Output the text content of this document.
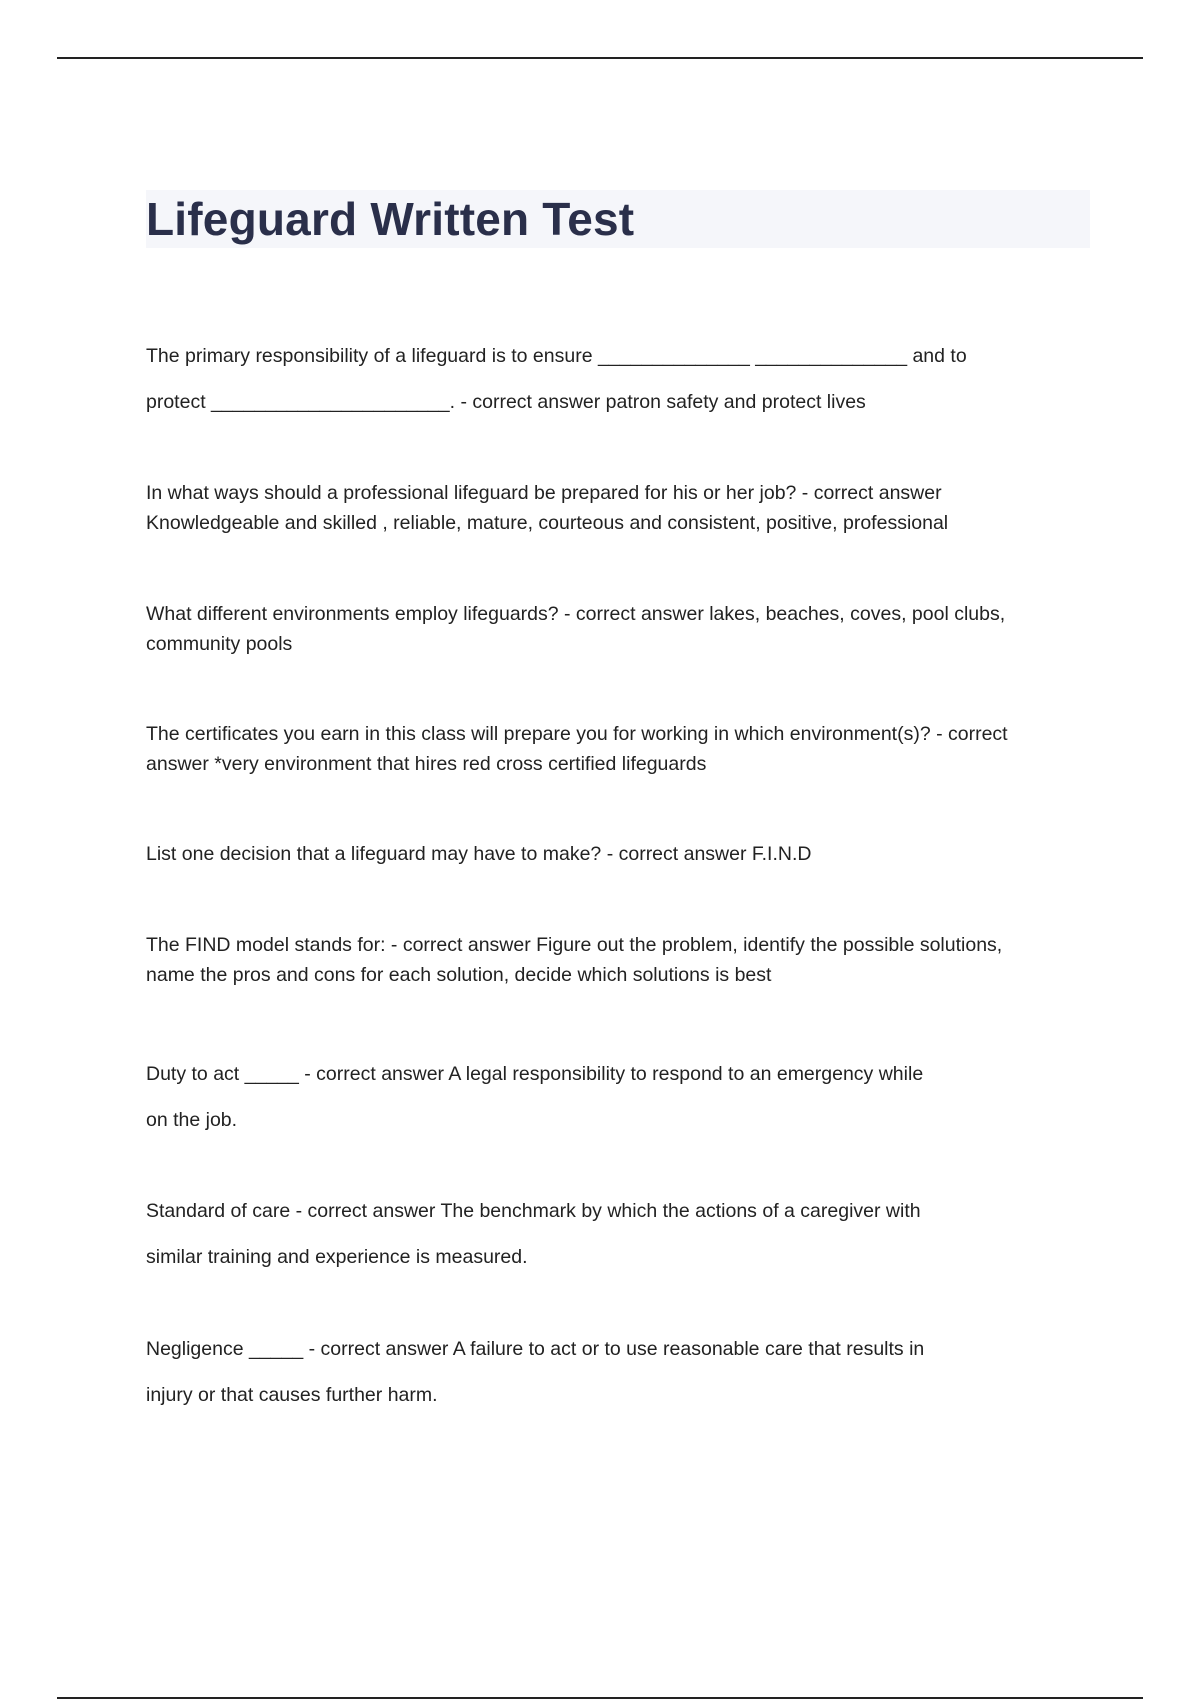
Lifeguard Written Test

The primary responsibility of a lifeguard is to ensure ______________ ______________ and to
protect ______________________. - correct answer patron safety and protect lives

In what ways should a professional lifeguard be prepared for his or her job? - correct answer
Knowledgeable and skilled , reliable, mature, courteous and consistent, positive, professional

What different environments employ lifeguards? - correct answer lakes, beaches, coves, pool clubs,
community pools

The certificates you earn in this class will prepare you for working in which environment(s)? - correct
answer *very environment that hires red cross certified lifeguards

List one decision that a lifeguard may have to make? - correct answer F.I.N.D

The FIND model stands for: - correct answer Figure out the problem, identify the possible solutions,
name the pros and cons for each solution, decide which solutions is best

Duty to act _____ - correct answer A legal responsibility to respond to an emergency while
on the job.

Standard of care - correct answer The benchmark by which the actions of a caregiver with
similar training and experience is measured.

Negligence _____ - correct answer A failure to act or to use reasonable care that results in
injury or that causes further harm.
